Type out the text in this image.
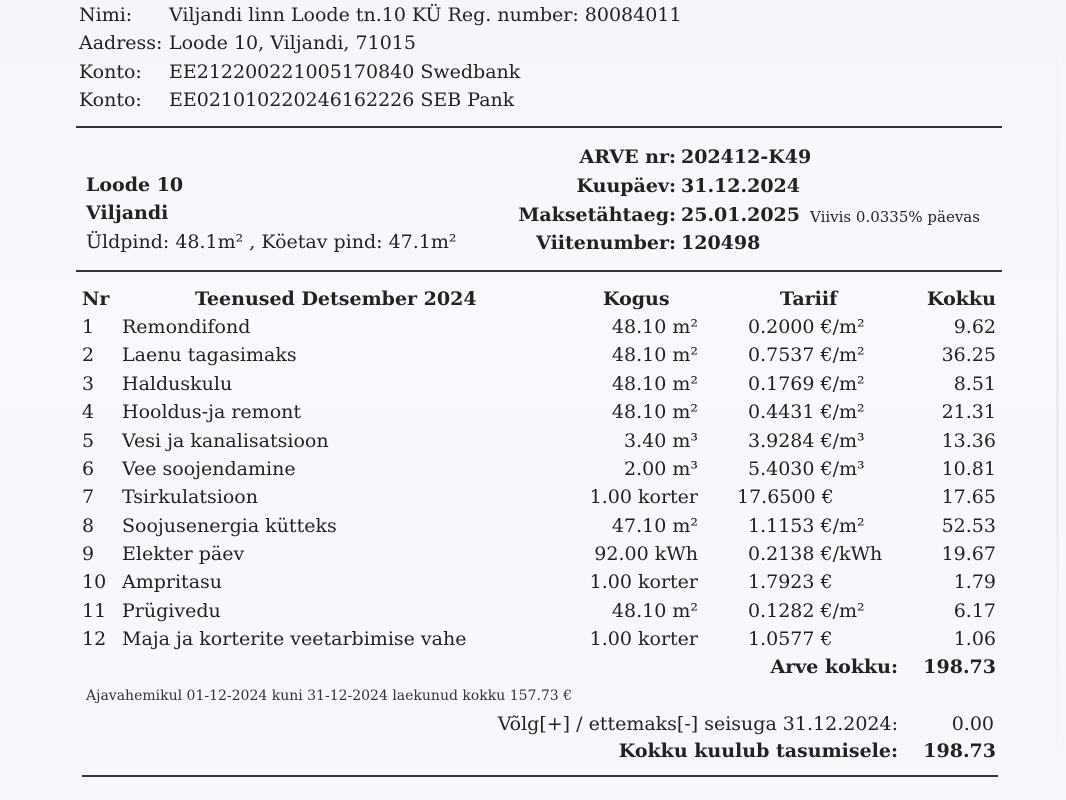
Nimi: Viljandi linn Loode tn.10 KÜ Reg. number: 80084011
Aadress: Loode 10, Viljandi, 71015
Konto: EE212200221005170840 Swedbank
Konto: EE021010220246162226 SEB Pank
Loode 10
Viljandi
Üldpind: 48.1m² , Köetav pind: 47.1m²
ARVE nr: 202412-K49
Kuupäev: 31.12.2024
Maksetähtaeg: 25.01.2025 Viivis 0.0335% päevas
Viitenumber: 120498
Nr	Teenused Detsember 2024	Kogus	Tariif	Kokku
1	Remondifond	48.10 m²	0.2000 €/m²	9.62
2	Laenu tagasimaks	48.10 m²	0.7537 €/m²	36.25
3	Halduskulu	48.10 m²	0.1769 €/m²	8.51
4	Hooldus-ja remont	48.10 m²	0.4431 €/m²	21.31
5	Vesi ja kanalisatsioon	3.40 m³	3.9284 €/m³	13.36
6	Vee soojendamine	2.00 m³	5.4030 €/m³	10.81
7	Tsirkulatsioon	1.00 korter 17.6500 €	17.65
8	Soojusenergia kütteks	47.10 m²	1.1153 €/m²	52.53
9	Elekter päev	92.00 kWh	0.2138 €/kWh	19.67
10 Ampritasu	1.00 korter	1.7923 €	1.79
11 Prügivedu	48.10 m²	0.1282 €/m²	6.17
12 Maja ja korterite veetarbimise vahe	1.00 korter	1.0577 €	1.06
Arve kokku:	198.73
Ajavahemikul 01-12-2024 kuni 31-12-2024 laekunud kokku 157.73 €
Võlg[+] / ettemaks[-] seisuga 31.12.2024:	0.00
Kokku kuulub tasumisele:	198.73
